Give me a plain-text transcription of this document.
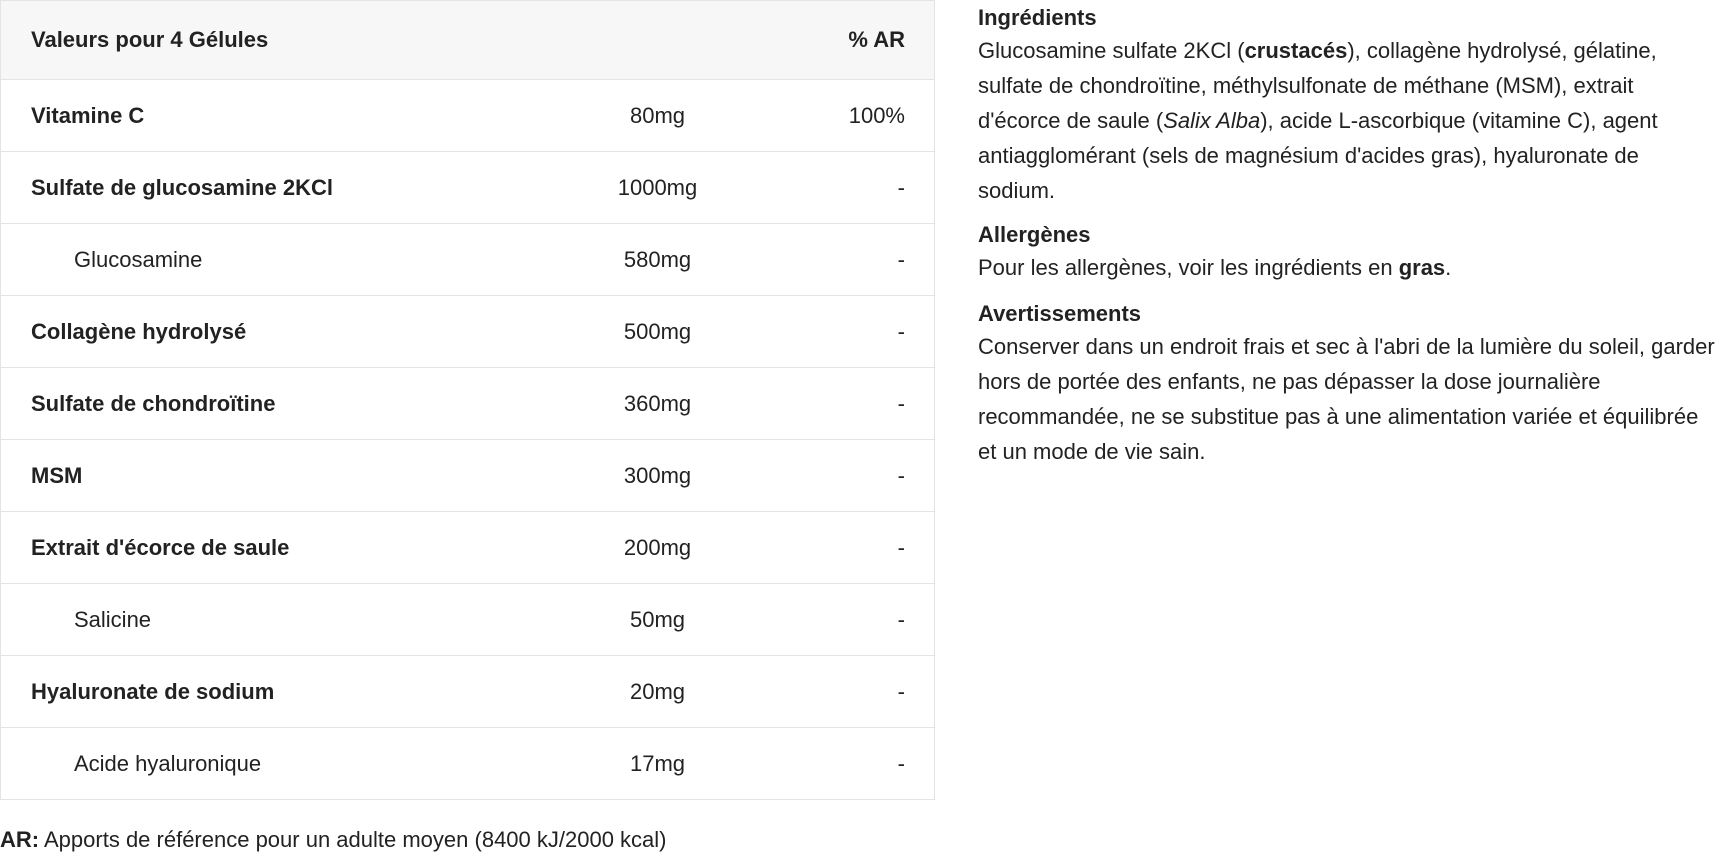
Valeurs pour 4 Gélules		% AR
Vitamine C	80mg	100%
Sulfate de glucosamine 2KCl	1000mg	-
Glucosamine	580mg	-
Collagène hydrolysé	500mg	-
Sulfate de chondroïtine	360mg	-
MSM	300mg	-
Extrait d'écorce de saule	200mg	-
Salicine	50mg	-
Hyaluronate de sodium	20mg	-
Acide hyaluronique	17mg	-
AR: Apports de référence pour un adulte moyen (8400 kJ/2000 kcal)
Ingrédients

Glucosamine sulfate 2KCl (crustacés), collagène hydrolysé, gélatine, sulfate de chondroïtine, méthylsulfonate de méthane (MSM), extrait d'écorce de saule (Salix Alba), acide L-ascorbique (vitamine C), agent antiagglomérant (sels de magnésium d'acides gras), hyaluronate de sodium.

Allergènes

Pour les allergènes, voir les ingrédients en gras.

Avertissements

Conserver dans un endroit frais et sec à l'abri de la lumière du soleil, garder hors de portée des enfants, ne pas dépasser la dose journalière recommandée, ne se substitue pas à une alimentation variée et équilibrée et un mode de vie sain.
